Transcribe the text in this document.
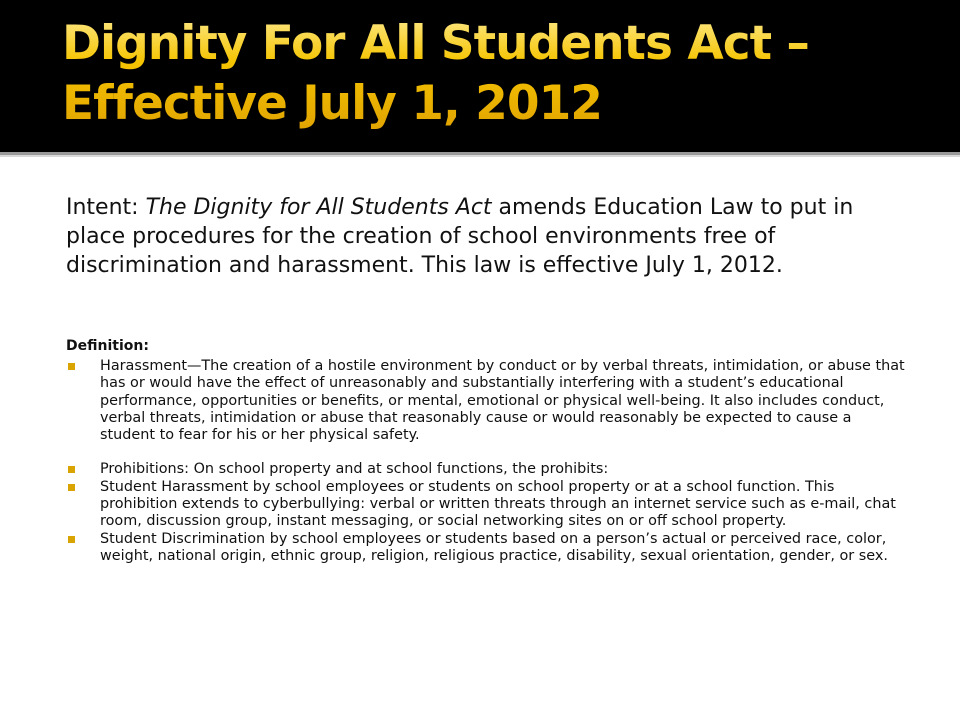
Dignity For All Students Act –
Effective July 1, 2012
Intent: The Dignity for All Students Act amends Education Law to put in place procedures for the creation of school environments free of discrimination and harassment. This law is effective July 1, 2012.
Definition:
Harassment—The creation of a hostile environment by conduct or by verbal threats, intimidation, or abuse that has or would have the effect of unreasonably and substantially interfering with a student’s educational performance, opportunities or benefits, or mental, emotional or physical well-being. It also includes conduct, verbal threats, intimidation or abuse that reasonably cause or would reasonably be expected to cause a student to fear for his or her physical safety.
Prohibitions: On school property and at school functions, the prohibits:
Student Harassment by school employees or students on school property or at a school function. This prohibition extends to cyberbullying: verbal or written threats through an internet service such as e-mail, chat room, discussion group, instant messaging, or social networking sites on or off school property.
Student Discrimination by school employees or students based on a person’s actual or perceived race, color, weight, national origin, ethnic group, religion, religious practice, disability, sexual orientation, gender, or sex.
